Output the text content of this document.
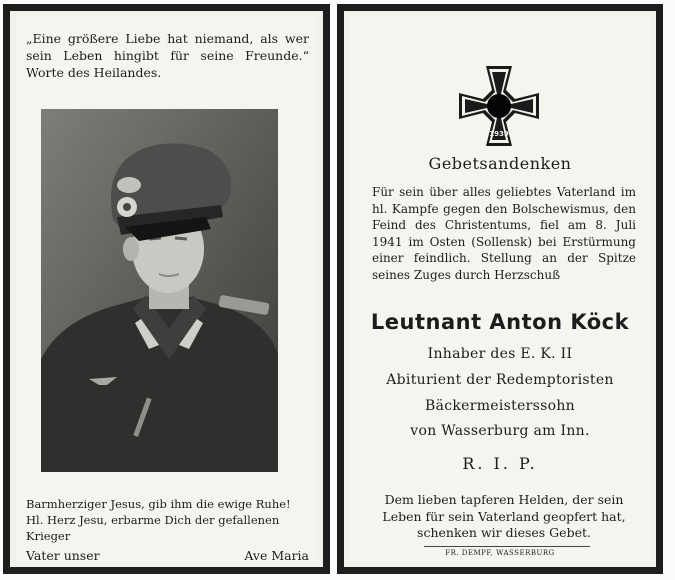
„Eine größere Liebe hat niemand, als wer sein Leben hingibt für seine Freunde.“ Worte des Heilandes.

Barmherziger Jesus, gib ihm die ewige Ruhe!
Hl. Herz Jesu, erbarme Dich der gefallenen Krieger
Vater unser	Ave Maria
1939
Gebetsandenken

Für sein über alles geliebtes Vaterland im hl. Kampfe gegen den Bolschewismus, den Feind des Christentums, fiel am 8. Juli 1941 im Osten (Sollensk) bei Erstürmung einer feindlich. Stellung an der Spitze seines Zuges durch Herzschuß

Leutnant Anton Köck
Inhaber des E. K. II
Abiturient der Redemptoristen
Bäckermeisterssohn
von Wasserburg am Inn.
R. I. P.

Dem lieben tapferen Helden, der sein Leben für sein Vaterland geopfert hat, schenken wir dieses Gebet.

FR. DEMPF, WASSERBURG
